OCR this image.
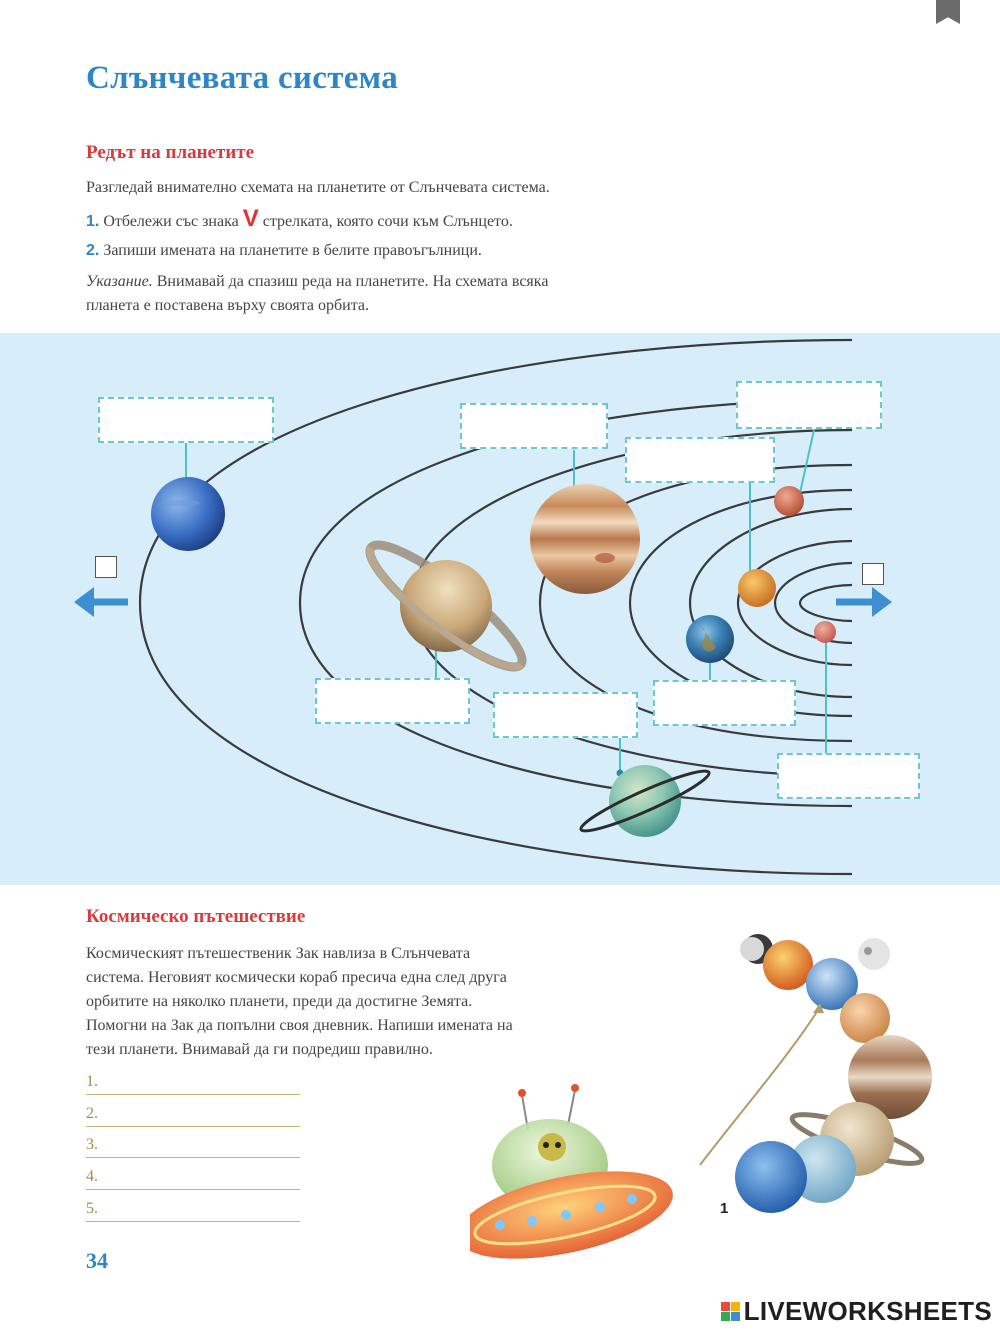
Слънчевата система
Редът на планетите
Разгледай внимателно схемата на планетите от Слънчевата система.
1. Отбележи със знака V стрелката, която сочи към Слънцето.
2. Запиши имената на планетите в белите правоъгълници.
Указание. Внимавай да спазиш реда на планетите. На схемата всяка
планета е поставена върху своята орбита.
Космическо пътешествие
Космическият пътешественик Зак навлиза в Слънчевата
система. Неговият космически кораб пресича една след друга
орбитите на няколко планети, преди да достигне Земята.
Помогни на Зак да попълни своя дневник. Напиши имената на
тези планети. Внимавай да ги подредиш правилно.
1.
2.
3.
4.
5.	1
34
LIVEWORKSHEETS
